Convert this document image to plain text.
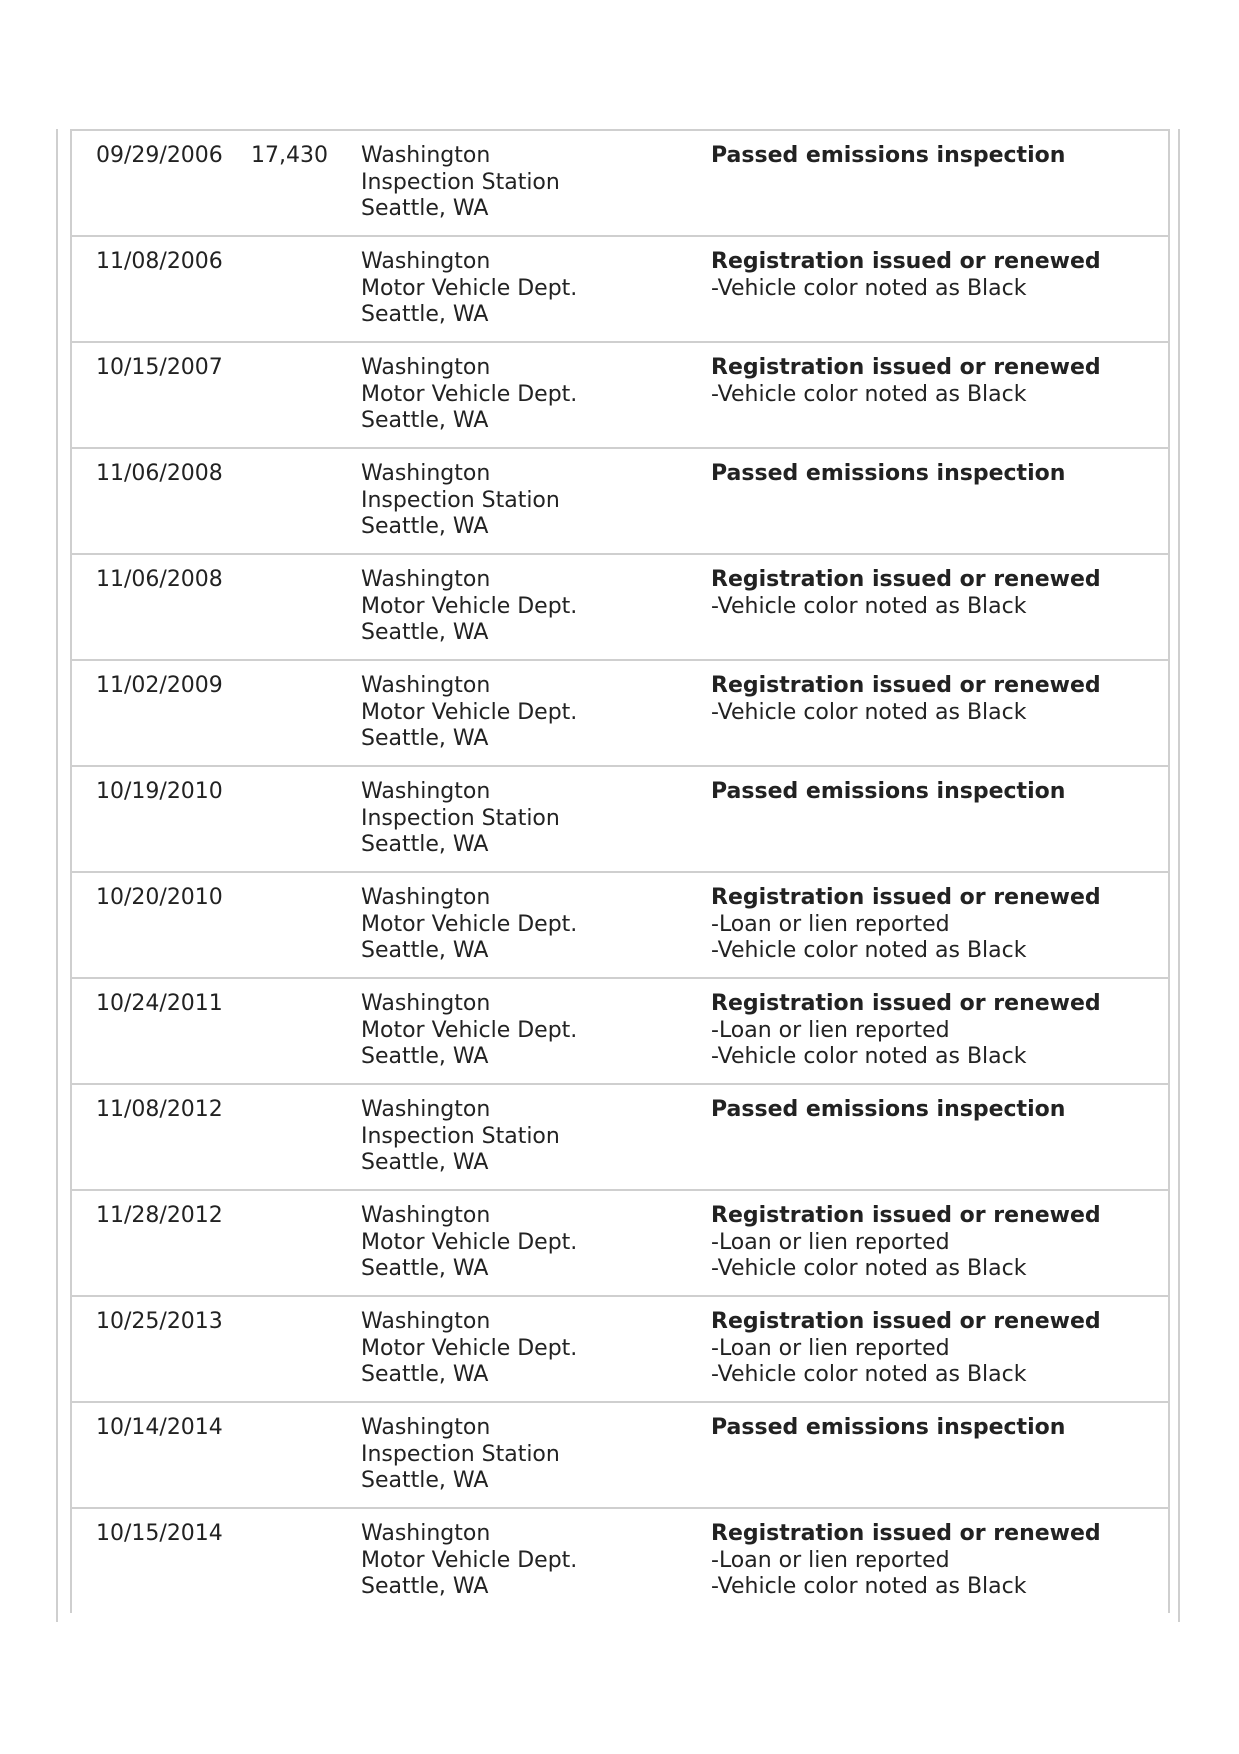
09/29/2006 17,430 Washington
Inspection Station
Seattle, WA
Passed emissions inspection
11/08/2006	Washington
Motor Vehicle Dept.
Seattle, WA
Registration issued or renewed
-Vehicle color noted as Black
10/15/2007	Washington
Motor Vehicle Dept.
Seattle, WA
Registration issued or renewed
-Vehicle color noted as Black
11/06/2008	Washington
Inspection Station
Seattle, WA
Passed emissions inspection
11/06/2008	Washington
Motor Vehicle Dept.
Seattle, WA
Registration issued or renewed
-Vehicle color noted as Black
11/02/2009	Washington
Motor Vehicle Dept.
Seattle, WA
Registration issued or renewed
-Vehicle color noted as Black
10/19/2010	Washington
Inspection Station
Seattle, WA
Passed emissions inspection
10/20/2010	Washington
Motor Vehicle Dept.
Seattle, WA
Registration issued or renewed
-Loan or lien reported
-Vehicle color noted as Black
10/24/2011	Washington
Motor Vehicle Dept.
Seattle, WA
Registration issued or renewed
-Loan or lien reported
-Vehicle color noted as Black
11/08/2012	Washington
Inspection Station
Seattle, WA
Passed emissions inspection
11/28/2012	Washington
Motor Vehicle Dept.
Seattle, WA
Registration issued or renewed
-Loan or lien reported
-Vehicle color noted as Black
10/25/2013	Washington
Motor Vehicle Dept.
Seattle, WA
Registration issued or renewed
-Loan or lien reported
-Vehicle color noted as Black
10/14/2014	Washington
Inspection Station
Seattle, WA
Passed emissions inspection
10/15/2014	Washington
Motor Vehicle Dept.
Seattle, WA
Registration issued or renewed
-Loan or lien reported
-Vehicle color noted as Black
